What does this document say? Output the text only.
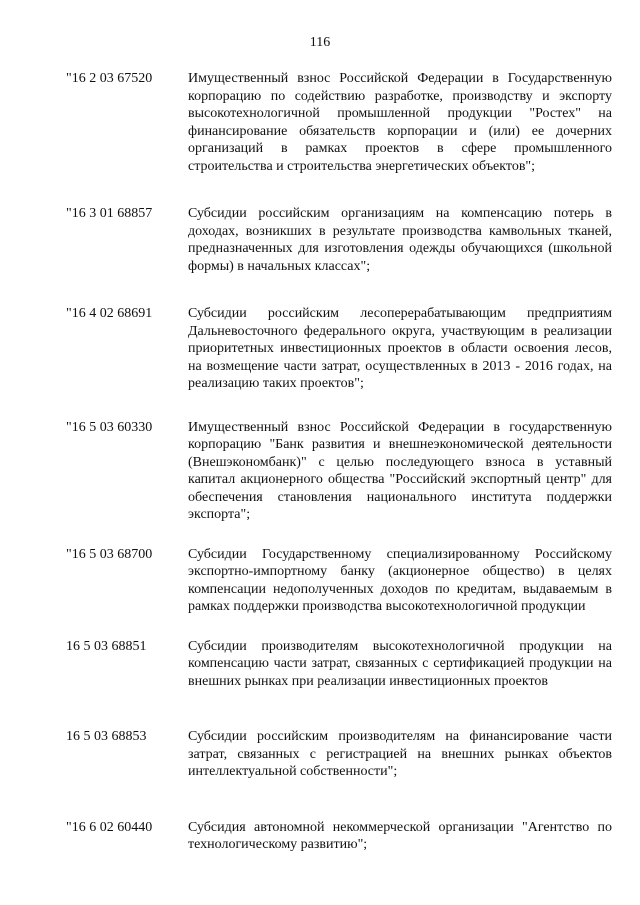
116
"16 2 03 67520	Имущественный взнос Российской Федерации в Государственную корпорацию по содействию разработке, производству и экспорту высокотехнологичной промышленной продукции "Ростех" на финансирование обязательств корпорации и (или) ее дочерних организаций в рамках проектов в сфере промышленного строительства и строительства энергетических объектов";
"16 3 01 68857	Субсидии российским организациям на компенсацию потерь в доходах, возникших в результате производства камвольных тканей, предназначенных для изготовления одежды обучающихся (школьной формы) в начальных классах";
"16 4 02 68691	Субсидии российским лесоперерабатывающим предприятиям Дальневосточного федерального округа, участвующим в реализации приоритетных инвестиционных проектов в области освоения лесов, на возмещение части затрат, осуществленных в 2013 - 2016 годах, на реализацию таких проектов";
"16 5 03 60330	Имущественный взнос Российской Федерации в государственную корпорацию "Банк развития и внешнеэкономической деятельности (Внешэкономбанк)" с целью последующего взноса в уставный капитал акционерного общества "Российский экспортный центр" для обеспечения становления национального института поддержки экспорта";
"16 5 03 68700	Субсидии Государственному специализированному Российскому экспортно-импортному банку (акционерное общество) в целях компенсации недополученных доходов по кредитам, выдаваемым в рамках поддержки производства высокотехнологичной продукции
16 5 03 68851	Субсидии производителям высокотехнологичной продукции на компенсацию части затрат, связанных с сертификацией продукции на внешних рынках при реализации инвестиционных проектов
16 5 03 68853	Субсидии российским производителям на финансирование части затрат, связанных с регистрацией на внешних рынках объектов интеллектуальной собственности";
"16 6 02 60440	Субсидия автономной некоммерческой организации "Агентство по технологическому развитию";
